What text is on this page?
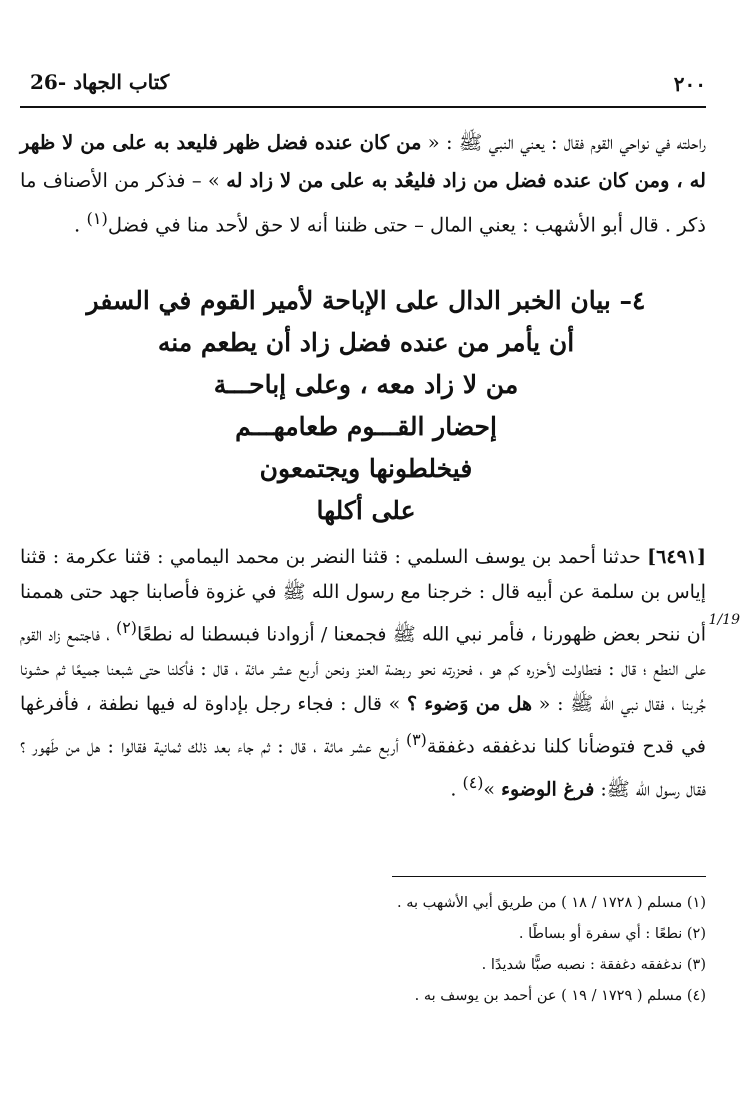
26- كتاب الجهاد	٢٠٠
راحلته في نواحي القوم فقال : يعني النبي ﷺ : « من كان عنده فضل ظهر فليعد به على من لا ظهر له ، ومن كان عنده فضل من زاد فليعُد به على من لا زاد له » – فذكر من الأصناف ما ذكر . قال أبو الأشهب : يعني المال – حتى ظننا أنه لا حق لأحد منا في فضل$^{(١)}$ .
٤– بيان الخبر الدال على الإباحة لأمير القوم في السفر
أن يأمر من عنده فضل زاد أن يطعم منه
من لا زاد معه ، وعلى إباحـــة
إحضار القـــوم طعامهـــم
فيخلطونها ويجتمعون
على أكلها
[٦٤٩١] حدثنا أحمد بن يوسف السلمي : قثنا النضر بن محمد اليمامي : قثنا عكرمة : قثنا إياس بن سلمة عن أبيه قال : خرجنا مع رسول الله ﷺ في غزوة فأصابنا جهد حتى هممنا أن ننحر بعض ظهورنا ، فأمر نبي الله ﷺ فجمعنا / أزوادنا فبسطنا له نطعًا$^{(٢)}$ ، فاجتمع زاد القوم على النطع ؛ قال : فتطاولت لأحزره كم هو ، فحزرته نحو ربضة العنز ونحن أربع عشر مائة ، قال : فأكلنا حتى شبعنا جميعًا ثم حشونا جُربنا ، فقال نبي الله ﷺ : « هل من وَضوء ؟ » قال : فجاء رجل بإداوة له فيها نطفة ، فأفرغها في قدح فتوضأنا كلنا ندغفقه دغفقة$^{(٣)}$ أربع عشر مائة ، قال : ثم جاء بعد ذلك ثمانية فقالوا : هل من طَهور ؟ فقال رسول الله ﷺ: فرغ الوضوء »$^{(٤)}$ .
1/19
(١) مسلم ( ١٧٢٨ / ١٨ ) من طريق أبي الأشهب به .
(٢) نطعًا : أي سفرة أو بساطًا .
(٣) ندغفقه دغفقة : نصبه صبًّا شديدًا .
(٤) مسلم ( ١٧٢٩ / ١٩ ) عن أحمد بن يوسف به .
